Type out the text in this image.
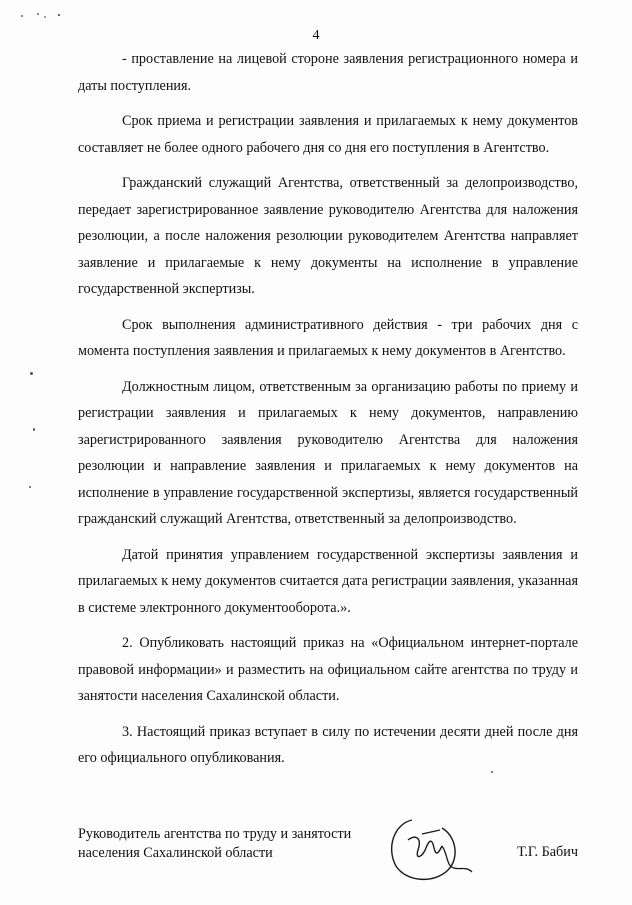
4

- проставление на лицевой стороне заявления регистрационного номера и даты поступления.

Срок приема и регистрации заявления и прилагаемых к нему документов составляет не более одного рабочего дня со дня его поступления в Агентство.

Гражданский служащий Агентства, ответственный за делопроизводство, передает зарегистрированное заявление руководителю Агентства для наложения резолюции, а после наложения резолюции руководителем Агентства направляет заявление и прилагаемые к нему документы на исполнение в управление государственной экспертизы.

Срок выполнения административного действия - три рабочих дня с момента поступления заявления и прилагаемых к нему документов в Агентство.

Должностным лицом, ответственным за организацию работы по приему и регистрации заявления и прилагаемых к нему документов, направлению зарегистрированного заявления руководителю Агентства для наложения резолюции и направление заявления и прилагаемых к нему документов на исполнение в управление государственной экспертизы, является государственный гражданский служащий Агентства, ответственный за делопроизводство.

Датой принятия управлением государственной экспертизы заявления и прилагаемых к нему документов считается дата регистрации заявления, указанная в системе электронного документооборота.».

2. Опубликовать настоящий приказ на «Официальном интернет-портале правовой информации» и разместить на официальном сайте агентства по труду и занятости населения Сахалинской области.

3. Настоящий приказ вступает в силу по истечении десяти дней после дня его официального опубликования.

Руководитель агентства по труду и занятости
населения Сахалинской области	Т.Г. Бабич
